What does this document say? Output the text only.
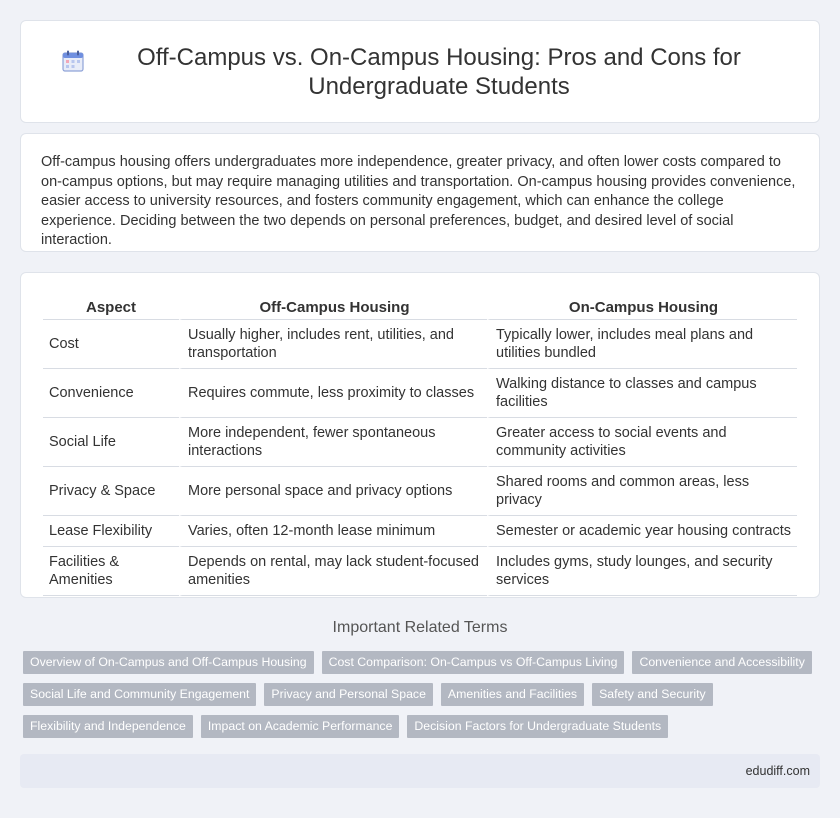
Off-Campus vs. On-Campus Housing: Pros and Cons for Undergraduate Students

Off-campus housing offers undergraduates more independence, greater privacy, and often lower costs compared to on-campus options, but may require managing utilities and transportation. On-campus housing provides convenience, easier access to university resources, and fosters community engagement, which can enhance the college experience. Deciding between the two depends on personal preferences, budget, and desired level of social interaction.

Aspect	Off-Campus Housing	On-Campus Housing
Cost	Usually higher, includes rent, utilities, and transportation	Typically lower, includes meal plans and utilities bundled
Convenience	Requires commute, less proximity to classes	Walking distance to classes and campus facilities
Social Life	More independent, fewer spontaneous interactions	Greater access to social events and community activities
Privacy & Space	More personal space and privacy options	Shared rooms and common areas, less privacy
Lease Flexibility	Varies, often 12-month lease minimum	Semester or academic year housing contracts
Facilities & Amenities	Depends on rental, may lack student-focused amenities	Includes gyms, study lounges, and security services
Important Related Terms
Overview of On-Campus and Off-Campus Housing	Cost Comparison: On-Campus vs Off-Campus Living	Convenience and Accessibility
Social Life and Community Engagement	Privacy and Personal Space	Amenities and Facilities	Safety and Security
Flexibility and Independence	Impact on Academic Performance	Decision Factors for Undergraduate Students
edudiff.com
